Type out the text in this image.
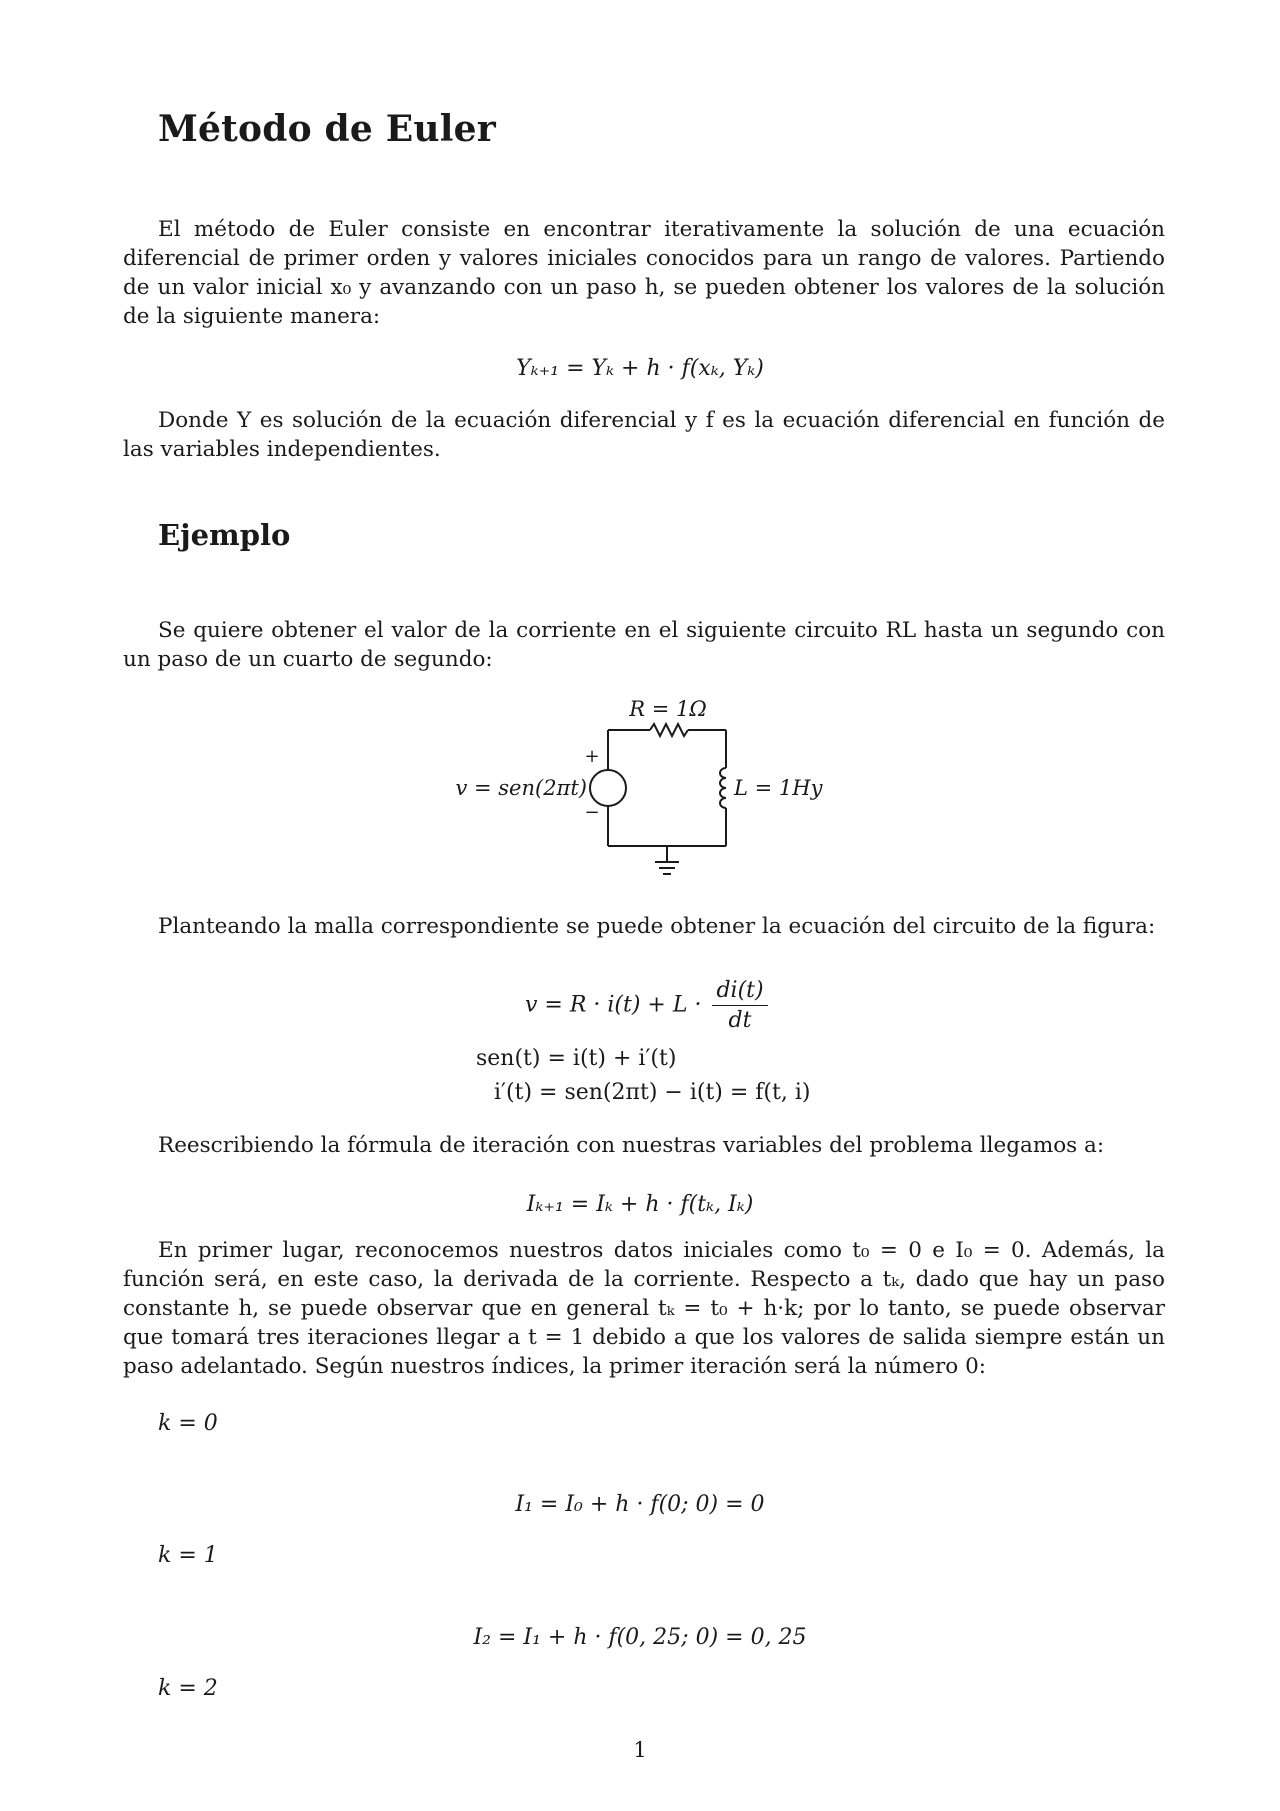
Método de Euler

El método de Euler consiste en encontrar iterativamente la solución de una ecuación diferencial de primer orden y valores iniciales conocidos para un rango de valores. Partiendo de un valor inicial x₀ y avanzando con un paso h, se pueden obtener los valores de la solución de la siguiente manera:

Yₖ₊₁ = Yₖ + h · f(xₖ, Yₖ)

Donde Y es solución de la ecuación diferencial y f es la ecuación diferencial en función de las variables independientes.

Ejemplo

Se quiere obtener el valor de la corriente en el siguiente circuito RL hasta un segundo con un paso de un cuarto de segundo:

R = 1Ω
+
−
v = sen(2πt)	L = 1Hy

Planteando la malla correspondiente se puede obtener la ecuación del circuito de la figura:

$v = R \cdot i(t) + L \cdot \frac{di(t)}{dt}$
sen(t) = i(t) + i′(t)
i′(t) = sen(2πt) − i(t) = f(t, i)

Reescribiendo la fórmula de iteración con nuestras variables del problema llegamos a:

Iₖ₊₁ = Iₖ + h · f(tₖ, Iₖ)

En primer lugar, reconocemos nuestros datos iniciales como t₀ = 0 e I₀ = 0. Además, la función será, en este caso, la derivada de la corriente. Respecto a tₖ, dado que hay un paso constante h, se puede observar que en general tₖ = t₀ + h·k; por lo tanto, se puede observar que tomará tres iteraciones llegar a t = 1 debido a que los valores de salida siempre están un paso adelantado. Según nuestros índices, la primer iteración será la número 0:

k = 0
I₁ = I₀ + h · f(0; 0) = 0
k = 1
I₂ = I₁ + h · f(0, 25; 0) = 0, 25
k = 2
1
